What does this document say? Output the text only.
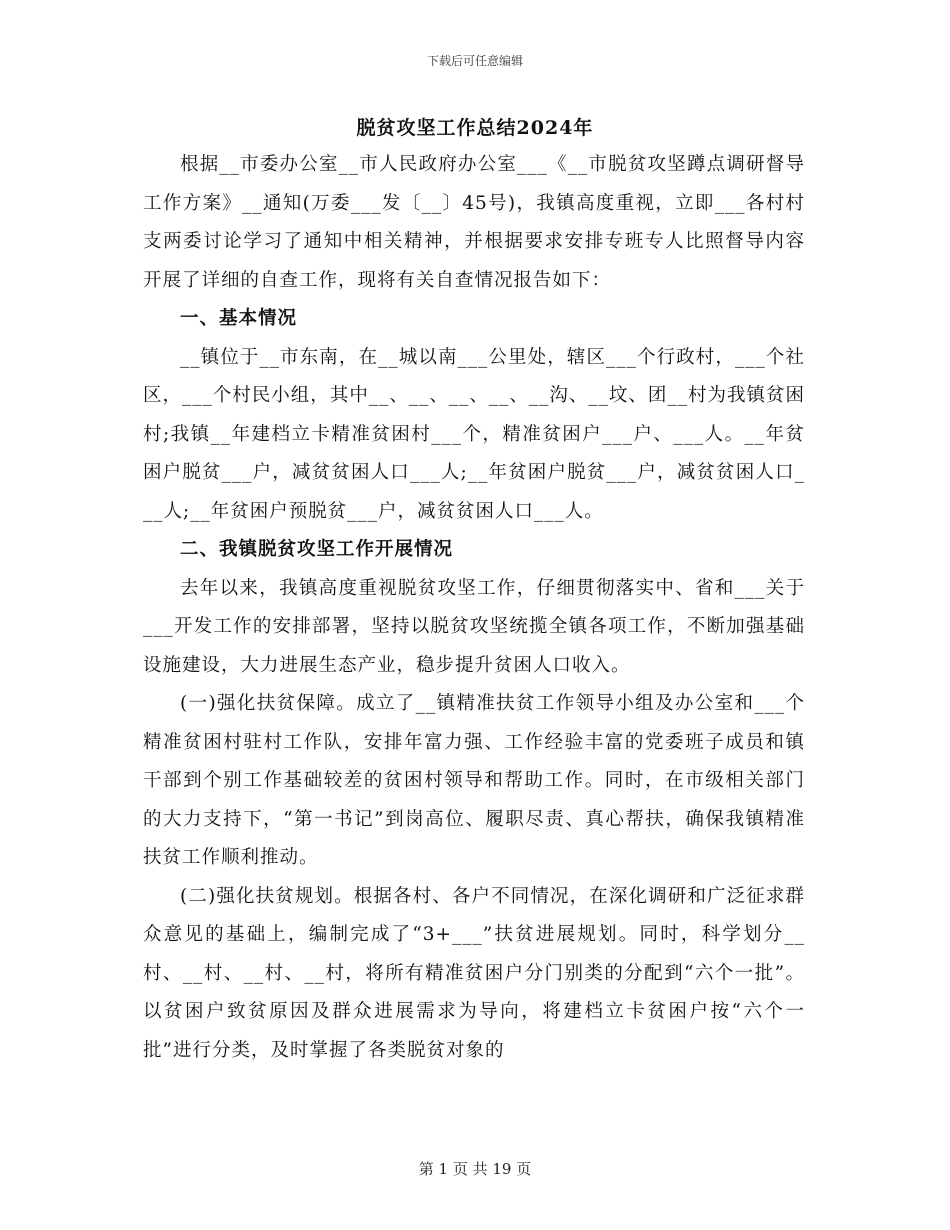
下载后可任意编辑
脱贫攻坚工作总结2024年

根据__市委办公室__市人民政府办公室___《__市脱贫攻坚蹲点调研督导工作方案》__通知(万委___发〔__〕45号)，我镇高度重视，立即___各村村支两委讨论学习了通知中相关精神，并根据要求安排专班专人比照督导内容开展了详细的自查工作，现将有关自查情况报告如下：

一、基本情况

__镇位于__市东南，在__城以南___公里处，辖区___个行政村，___个社区，___个村民小组，其中__、__、__、__、__沟、__坟、团__村为我镇贫困村;我镇__年建档立卡精准贫困村___个，精准贫困户___户、___人。__年贫困户脱贫___户，减贫贫困人口___人;__年贫困户脱贫___户，减贫贫困人口___人;__年贫困户预脱贫___户，减贫贫困人口___人。

二、我镇脱贫攻坚工作开展情况

去年以来，我镇高度重视脱贫攻坚工作，仔细贯彻落实中、省和___关于___开发工作的安排部署，坚持以脱贫攻坚统揽全镇各项工作，不断加强基础设施建设，大力进展生态产业，稳步提升贫困人口收入。

(一)强化扶贫保障。成立了__镇精准扶贫工作领导小组及办公室和___个精准贫困村驻村工作队，安排年富力强、工作经验丰富的党委班子成员和镇干部到个别工作基础较差的贫困村领导和帮助工作。同时，在市级相关部门的大力支持下，“第一书记”到岗高位、履职尽责、真心帮扶，确保我镇精准扶贫工作顺利推动。

(二)强化扶贫规划。根据各村、各户不同情况，在深化调研和广泛征求群众意见的基础上，编制完成了“3+___”扶贫进展规划。同时，科学划分__村、__村、__村、__村，将所有精准贫困户分门别类的分配到“六个一批”。以贫困户致贫原因及群众进展需求为导向，将建档立卡贫困户按“六个一批”进行分类，及时掌握了各类脱贫对象的

第 1 页 共 19 页
